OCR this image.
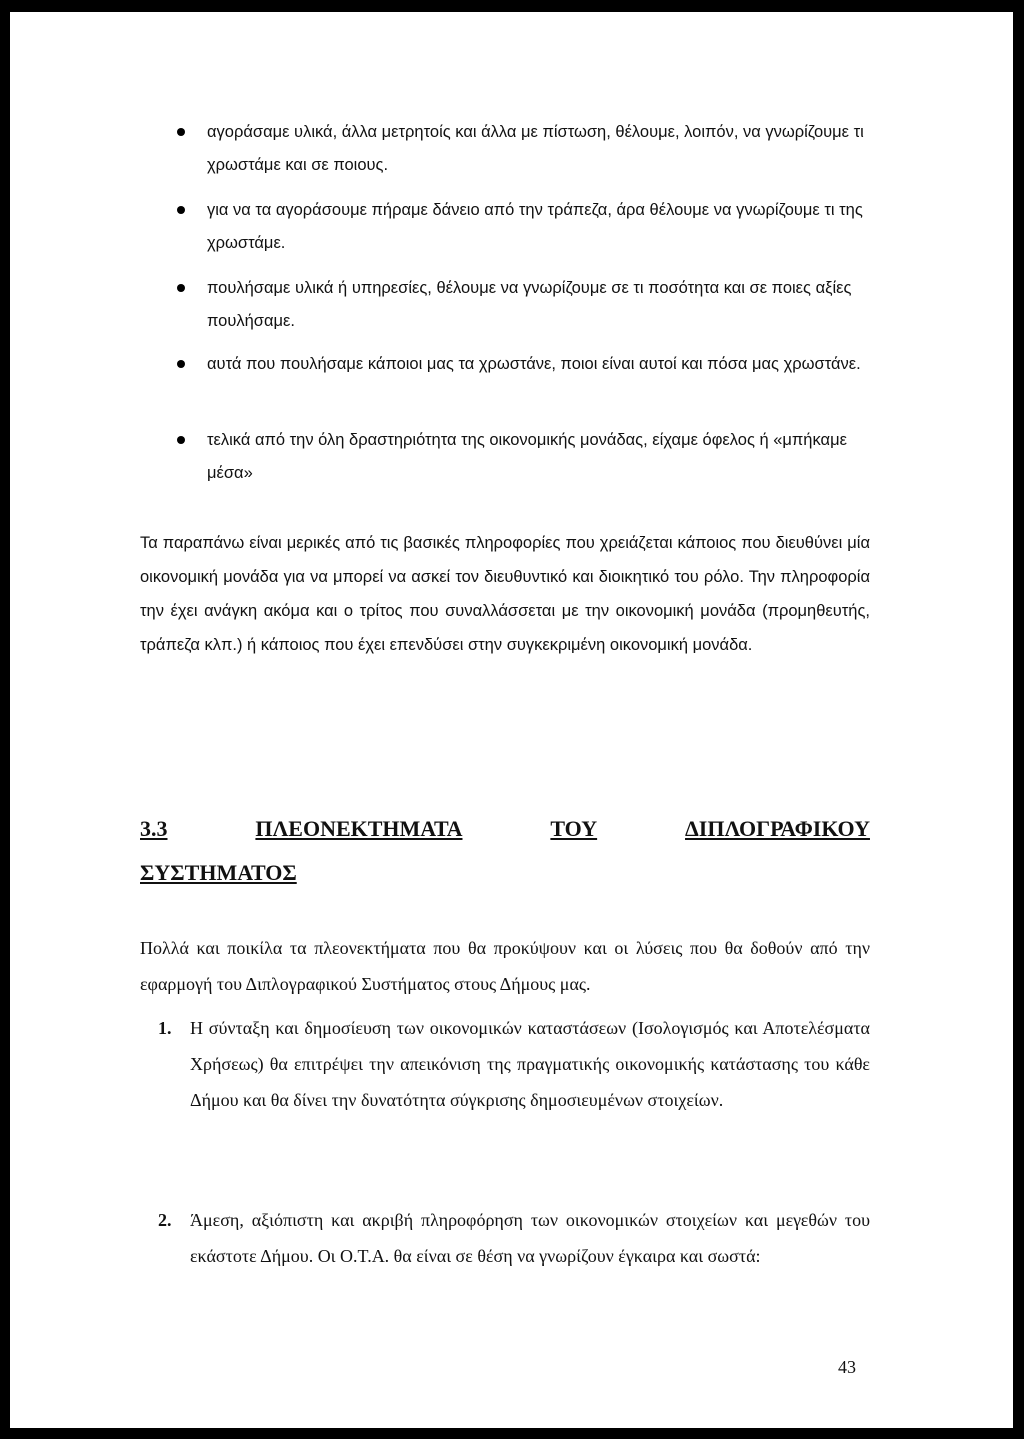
αγοράσαμε υλικά, άλλα μετρητοίς και άλλα με πίστωση, θέλουμε, λοιπόν, να γνωρίζουμε τι χρωστάμε και σε ποιους.
για να τα αγοράσουμε πήραμε δάνειο από την τράπεζα, άρα θέλουμε να γνωρίζουμε τι της χρωστάμε.
πουλήσαμε υλικά ή υπηρεσίες, θέλουμε να γνωρίζουμε σε τι ποσότητα και σε ποιες αξίες πουλήσαμε.
αυτά που πουλήσαμε κάποιοι μας τα χρωστάνε, ποιοι είναι αυτοί και πόσα μας χρωστάνε.
τελικά από την όλη δραστηριότητα της οικονομικής μονάδας, είχαμε όφελος ή «μπήκαμε μέσα»
Τα παραπάνω είναι μερικές από τις βασικές πληροφορίες που χρειάζεται κάποιος που διευθύνει μία οικονομική μονάδα για να μπορεί να ασκεί τον διευθυντικό και διοικητικό του ρόλο. Την πληροφορία την έχει ανάγκη ακόμα και ο τρίτος που συναλλάσσεται με την οικονομική μονάδα (προμηθευτής, τράπεζα κλπ.) ή κάποιος που έχει επενδύσει στην συγκεκριμένη οικονομική μονάδα.
3.3	ΠΛΕΟΝΕΚΤΗΜΑΤΑ	ΤΟΥ	ΔΙΠΛΟΓΡΑΦΙΚΟΥ
ΣΥΣΤΗΜΑΤΟΣ
Πολλά και ποικίλα τα πλεονεκτήματα που θα προκύψουν και οι λύσεις που θα δοθούν από την εφαρμογή του Διπλογραφικού Συστήματος στους Δήμους μας.
1. Η σύνταξη και δημοσίευση των οικονομικών καταστάσεων (Ισολογισμός και Αποτελέσματα Χρήσεως) θα επιτρέψει την απεικόνιση της πραγματικής οικονομικής κατάστασης του κάθε Δήμου και θα δίνει την δυνατότητα σύγκρισης δημοσιευμένων στοιχείων.
2. Άμεση, αξιόπιστη και ακριβή πληροφόρηση των οικονομικών στοιχείων και μεγεθών του εκάστοτε Δήμου. Οι Ο.Τ.Α. θα είναι σε θέση να γνωρίζουν έγκαιρα και σωστά:
43
